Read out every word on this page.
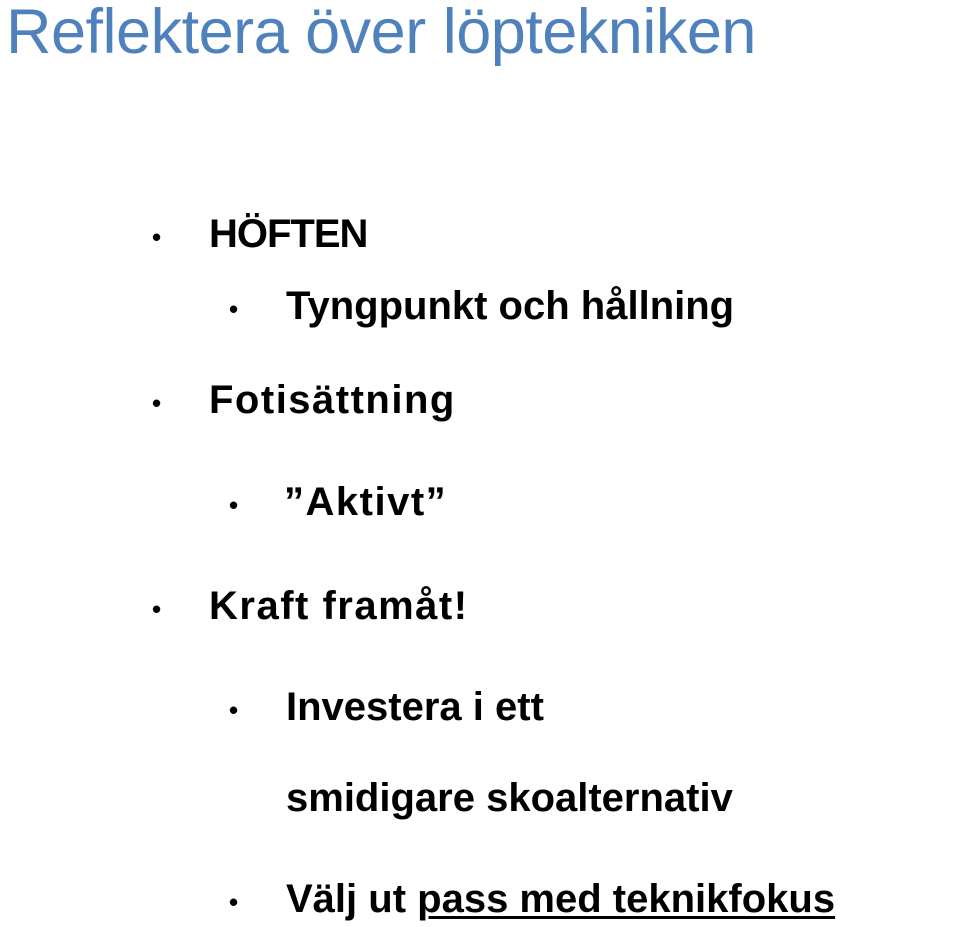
Reflektera över löptekniken
• HÖFTEN
• Tyngpunkt och hållning
• Fotisättning
• ”Aktivt”
• Kraft framåt!
• Investera i ett
smidigare skoalternativ
• Välj ut pass med teknikfokus
